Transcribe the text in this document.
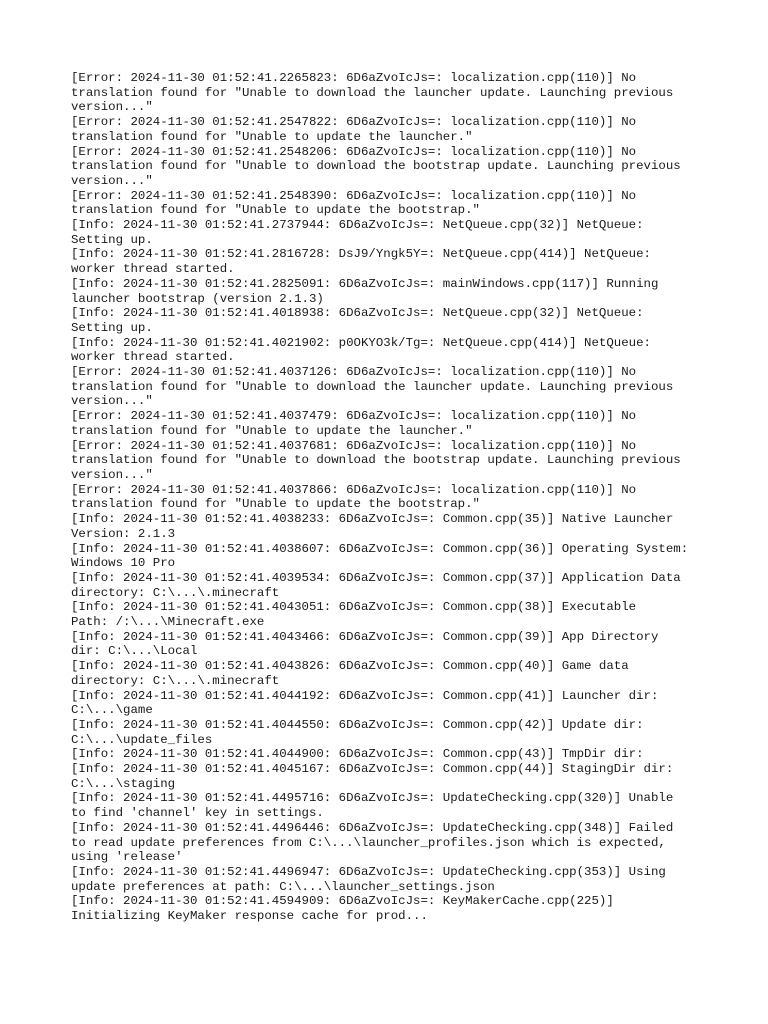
[Error: 2024-11-30 01:52:41.2265823: 6D6aZvoIcJs=: localization.cpp(110)] No
translation found for "Unable to download the launcher update. Launching previous
version..."
[Error: 2024-11-30 01:52:41.2547822: 6D6aZvoIcJs=: localization.cpp(110)] No
translation found for "Unable to update the launcher."
[Error: 2024-11-30 01:52:41.2548206: 6D6aZvoIcJs=: localization.cpp(110)] No
translation found for "Unable to download the bootstrap update. Launching previous
version..."
[Error: 2024-11-30 01:52:41.2548390: 6D6aZvoIcJs=: localization.cpp(110)] No
translation found for "Unable to update the bootstrap."
[Info: 2024-11-30 01:52:41.2737944: 6D6aZvoIcJs=: NetQueue.cpp(32)] NetQueue:
Setting up.
[Info: 2024-11-30 01:52:41.2816728: DsJ9/Yngk5Y=: NetQueue.cpp(414)] NetQueue:
worker thread started.
[Info: 2024-11-30 01:52:41.2825091: 6D6aZvoIcJs=: mainWindows.cpp(117)] Running
launcher bootstrap (version 2.1.3)
[Info: 2024-11-30 01:52:41.4018938: 6D6aZvoIcJs=: NetQueue.cpp(32)] NetQueue:
Setting up.
[Info: 2024-11-30 01:52:41.4021902: p0OKYO3k/Tg=: NetQueue.cpp(414)] NetQueue:
worker thread started.
[Error: 2024-11-30 01:52:41.4037126: 6D6aZvoIcJs=: localization.cpp(110)] No
translation found for "Unable to download the launcher update. Launching previous
version..."
[Error: 2024-11-30 01:52:41.4037479: 6D6aZvoIcJs=: localization.cpp(110)] No
translation found for "Unable to update the launcher."
[Error: 2024-11-30 01:52:41.4037681: 6D6aZvoIcJs=: localization.cpp(110)] No
translation found for "Unable to download the bootstrap update. Launching previous
version..."
[Error: 2024-11-30 01:52:41.4037866: 6D6aZvoIcJs=: localization.cpp(110)] No
translation found for "Unable to update the bootstrap."
[Info: 2024-11-30 01:52:41.4038233: 6D6aZvoIcJs=: Common.cpp(35)] Native Launcher
Version: 2.1.3
[Info: 2024-11-30 01:52:41.4038607: 6D6aZvoIcJs=: Common.cpp(36)] Operating System:
Windows 10 Pro
[Info: 2024-11-30 01:52:41.4039534: 6D6aZvoIcJs=: Common.cpp(37)] Application Data
directory: C:\...\.minecraft
[Info: 2024-11-30 01:52:41.4043051: 6D6aZvoIcJs=: Common.cpp(38)] Executable
Path: /:\...\Minecraft.exe
[Info: 2024-11-30 01:52:41.4043466: 6D6aZvoIcJs=: Common.cpp(39)] App Directory
dir: C:\...\Local
[Info: 2024-11-30 01:52:41.4043826: 6D6aZvoIcJs=: Common.cpp(40)] Game data
directory: C:\...\.minecraft
[Info: 2024-11-30 01:52:41.4044192: 6D6aZvoIcJs=: Common.cpp(41)] Launcher dir:
C:\...\game
[Info: 2024-11-30 01:52:41.4044550: 6D6aZvoIcJs=: Common.cpp(42)] Update dir:
C:\...\update_files
[Info: 2024-11-30 01:52:41.4044900: 6D6aZvoIcJs=: Common.cpp(43)] TmpDir dir:
[Info: 2024-11-30 01:52:41.4045167: 6D6aZvoIcJs=: Common.cpp(44)] StagingDir dir:
C:\...\staging
[Info: 2024-11-30 01:52:41.4495716: 6D6aZvoIcJs=: UpdateChecking.cpp(320)] Unable
to find 'channel' key in settings.
[Info: 2024-11-30 01:52:41.4496446: 6D6aZvoIcJs=: UpdateChecking.cpp(348)] Failed
to read update preferences from C:\...\launcher_profiles.json which is expected,
using 'release'
[Info: 2024-11-30 01:52:41.4496947: 6D6aZvoIcJs=: UpdateChecking.cpp(353)] Using
update preferences at path: C:\...\launcher_settings.json
[Info: 2024-11-30 01:52:41.4594909: 6D6aZvoIcJs=: KeyMakerCache.cpp(225)]
Initializing KeyMaker response cache for prod...
